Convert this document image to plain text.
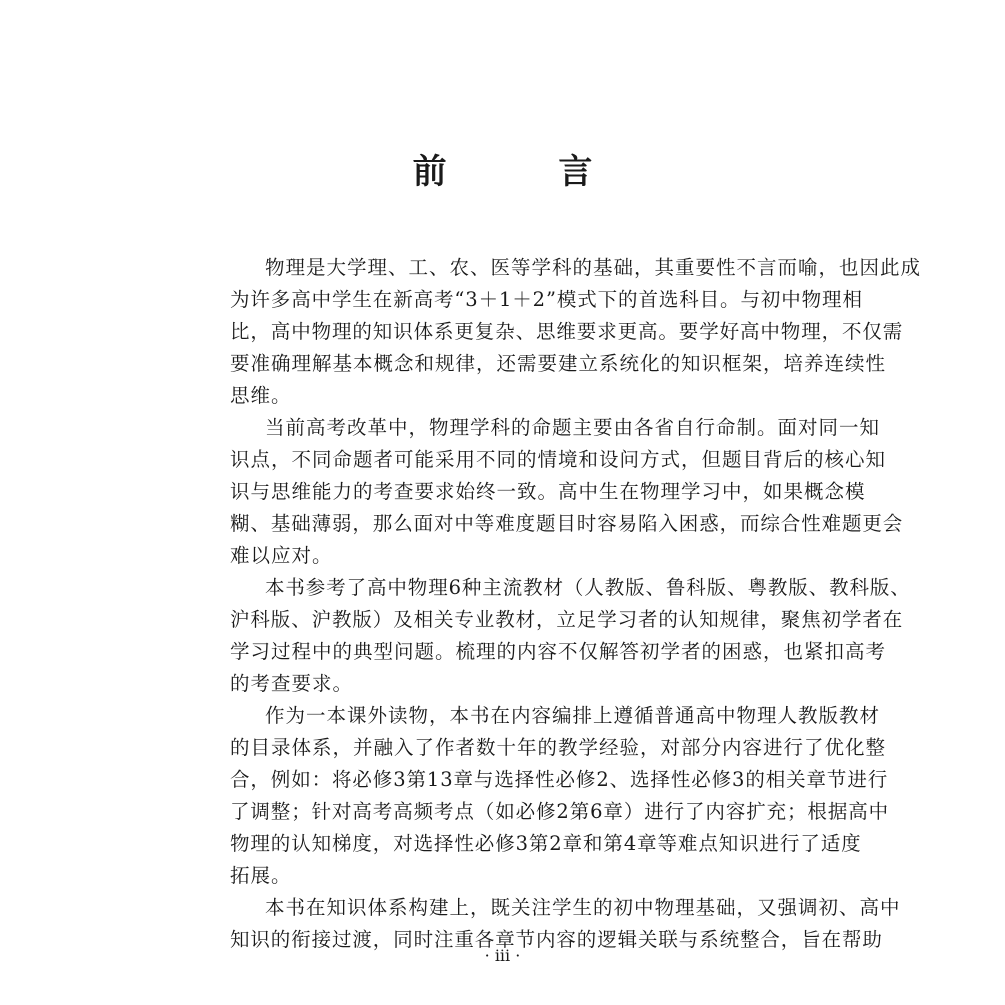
前 言

物理是大学理、工、农、医等学科的基础，其重要性不言而喻，也因此成

为许多高中学生在新高考“3＋1＋2”模式下的首选科目。与初中物理相

比，高中物理的知识体系更复杂、思维要求更高。要学好高中物理，不仅需

要准确理解基本概念和规律，还需要建立系统化的知识框架，培养连续性

思维。

当前高考改革中，物理学科的命题主要由各省自行命制。面对同一知

识点，不同命题者可能采用不同的情境和设问方式，但题目背后的核心知

识与思维能力的考查要求始终一致。高中生在物理学习中，如果概念模

糊、基础薄弱，那么面对中等难度题目时容易陷入困惑，而综合性难题更会

难以应对。

本书参考了高中物理6种主流教材（人教版、鲁科版、粤教版、教科版、

沪科版、沪教版）及相关专业教材，立足学习者的认知规律，聚焦初学者在

学习过程中的典型问题。梳理的内容不仅解答初学者的困惑，也紧扣高考

的考查要求。

作为一本课外读物，本书在内容编排上遵循普通高中物理人教版教材

的目录体系，并融入了作者数十年的教学经验，对部分内容进行了优化整

合，例如：将必修3第13章与选择性必修2、选择性必修3的相关章节进行

了调整；针对高考高频考点（如必修2第6章）进行了内容扩充；根据高中

物理的认知梯度，对选择性必修3第2章和第4章等难点知识进行了适度

拓展。

本书在知识体系构建上，既关注学生的初中物理基础，又强调初、高中

知识的衔接过渡，同时注重各章节内容的逻辑关联与系统整合，旨在帮助

· iii ·
